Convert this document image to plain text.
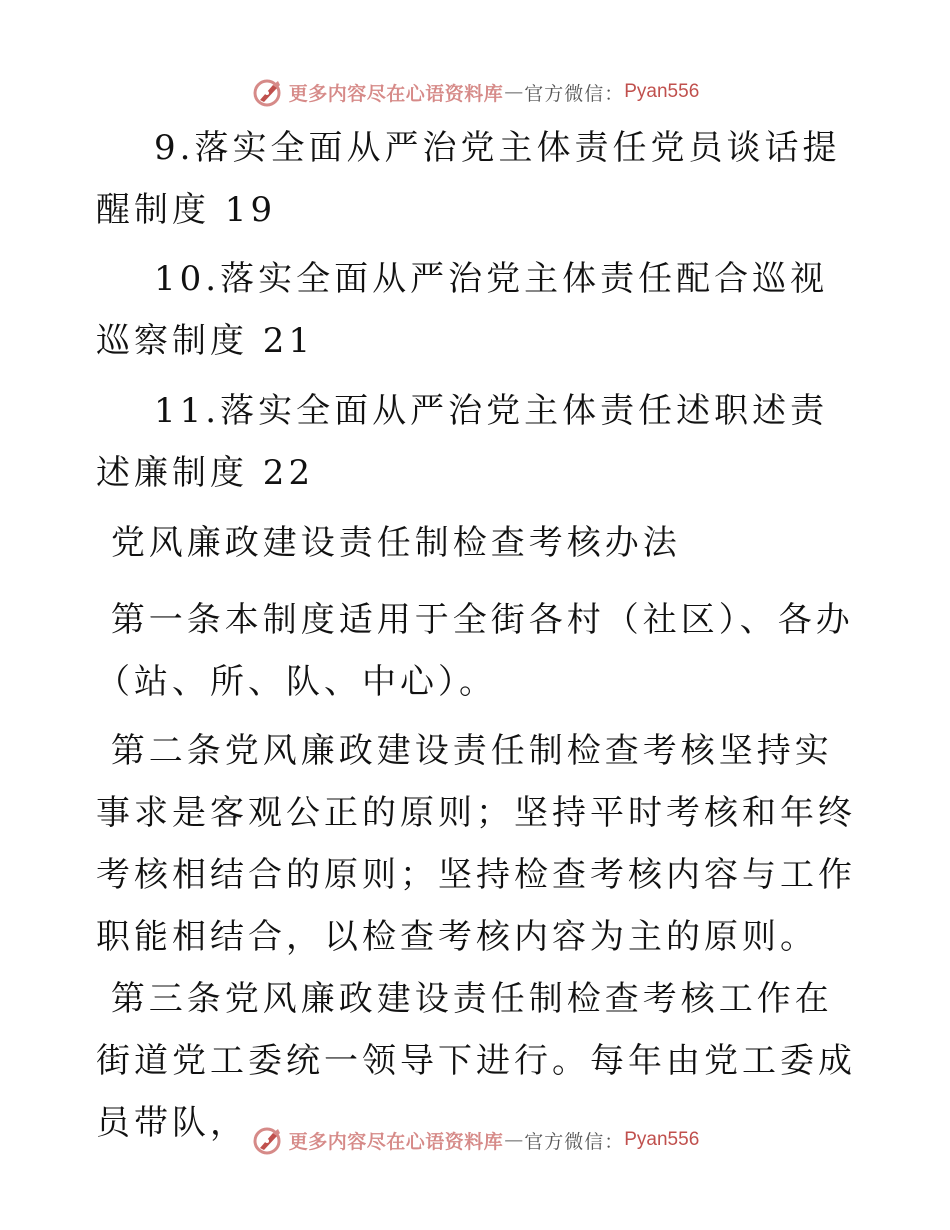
更多内容尽在心语资料库 — 官方微信： Pyan556
9.落实全面从严治党主体责任党员谈话提醒制度 19
10.落实全面从严治党主体责任配合巡视巡察制度 21
11.落实全面从严治党主体责任述职述责述廉制度 22
党风廉政建设责任制检查考核办法
第一条本制度适用于全街各村（社区）、各办（站、所、队、中心）。
第二条党风廉政建设责任制检查考核坚持实事求是客观公正的原则；坚持平时考核和年终考核相结合的原则；坚持检查考核内容与工作职能相结合，以检查考核内容为主的原则。
第三条党风廉政建设责任制检查考核工作在街道党工委统一领导下进行。每年由党工委成员带队，	更多内容尽在心语资料库 — 官方微信： Pyan556
